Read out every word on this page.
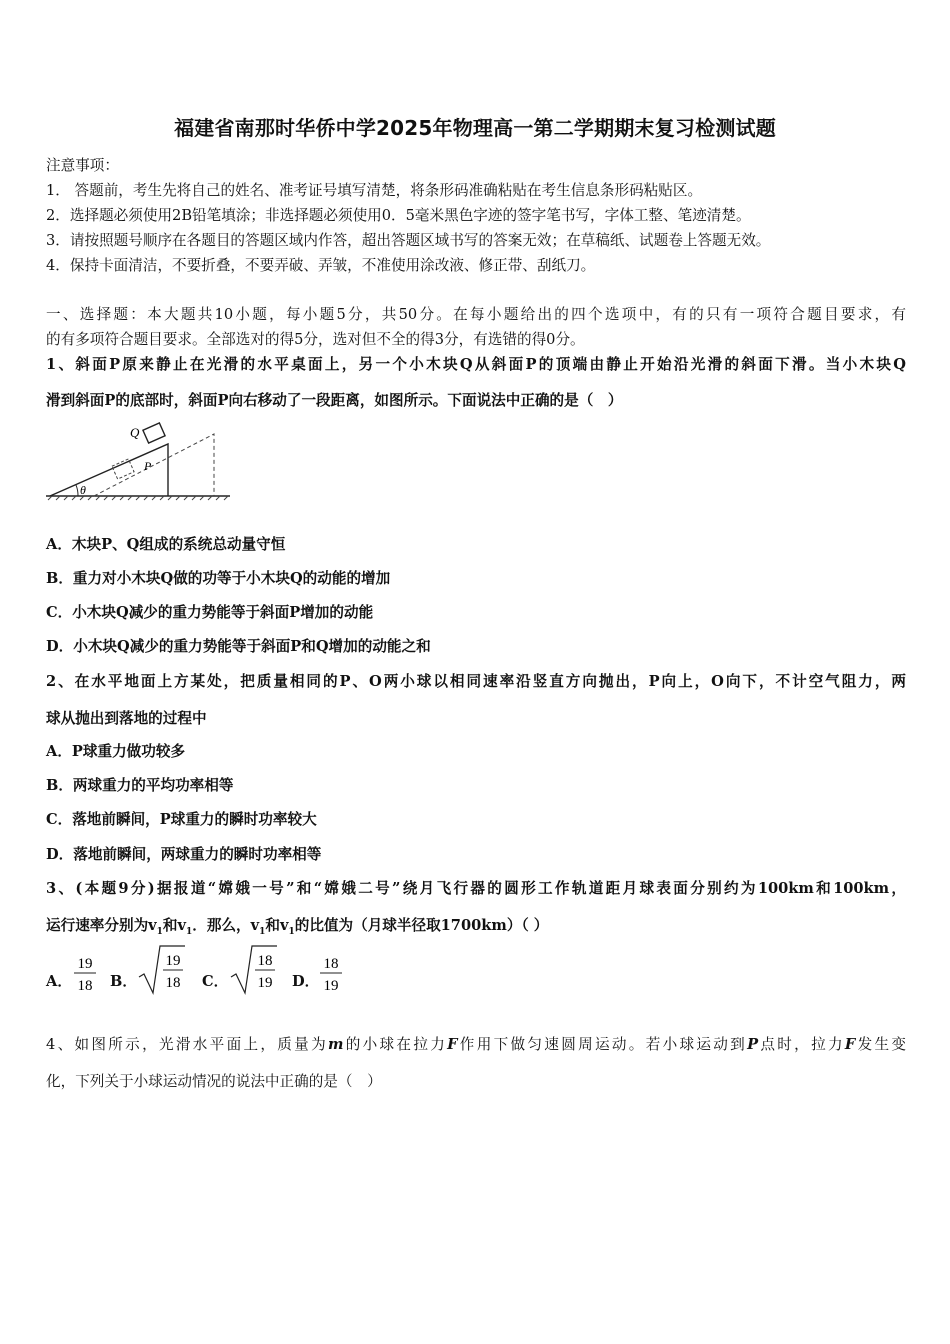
福建省南那时华侨中学2025年物理高一第二学期期末复习检测试题
注意事项：
1． 答题前，考生先将自己的姓名、准考证号填写清楚，将条形码准确粘贴在考生信息条形码粘贴区。
2．选择题必须使用2B铅笔填涂；非选择题必须使用0．5毫米黑色字迹的签字笔书写，字体工整、笔迹清楚。
3．请按照题号顺序在各题目的答题区域内作答，超出答题区域书写的答案无效；在草稿纸、试题卷上答题无效。
4．保持卡面清洁，不要折叠，不要弄破、弄皱，不准使用涂改液、修正带、刮纸刀。
一、选择题：本大题共10小题，每小题5分，共50分。在每小题给出的四个选项中，有的只有一项符合题目要求，有
的有多项符合题目要求。全部选对的得5分，选对但不全的得3分，有选错的得0分。
1、斜面P原来静止在光滑的水平桌面上，另一个小木块Q从斜面P的顶端由静止开始沿光滑的斜面下滑。当小木块Q
滑到斜面P的底部时，斜面P向右移动了一段距离，如图所示。下面说法中正确的是（　）
Q
P
θ
A．木块P、Q组成的系统总动量守恒
B．重力对小木块Q做的功等于小木块Q的动能的增加
C．小木块Q减少的重力势能等于斜面P增加的动能
D．小木块Q减少的重力势能等于斜面P和Q增加的动能之和
2、在水平地面上方某处，把质量相同的P、O两小球以相同速率沿竖直方向抛出，P向上，O向下，不计空气阻力，两
球从抛出到落地的过程中
A．P球重力做功较多
B．两球重力的平均功率相等
C．落地前瞬间，P球重力的瞬时功率较大
D．落地前瞬间，两球重力的瞬时功率相等
3、(本题9分)据报道“嫦娥一号”和“嫦娥二号”绕月飞行器的圆形工作轨道距月球表面分别约为100km和100km，
运行速率分别为$v_1$和$v_1$．那么，$v_1$和$v_1$的比值为（月球半径取1700km）（ ）
A．
19
18 B．
19
18 C．
18
19 D．
18
19
4、如图所示，光滑水平面上，质量为m的小球在拉力F作用下做匀速圆周运动。若小球运动到P点时，拉力F发生变
化，下列关于小球运动情况的说法中正确的是（　）
